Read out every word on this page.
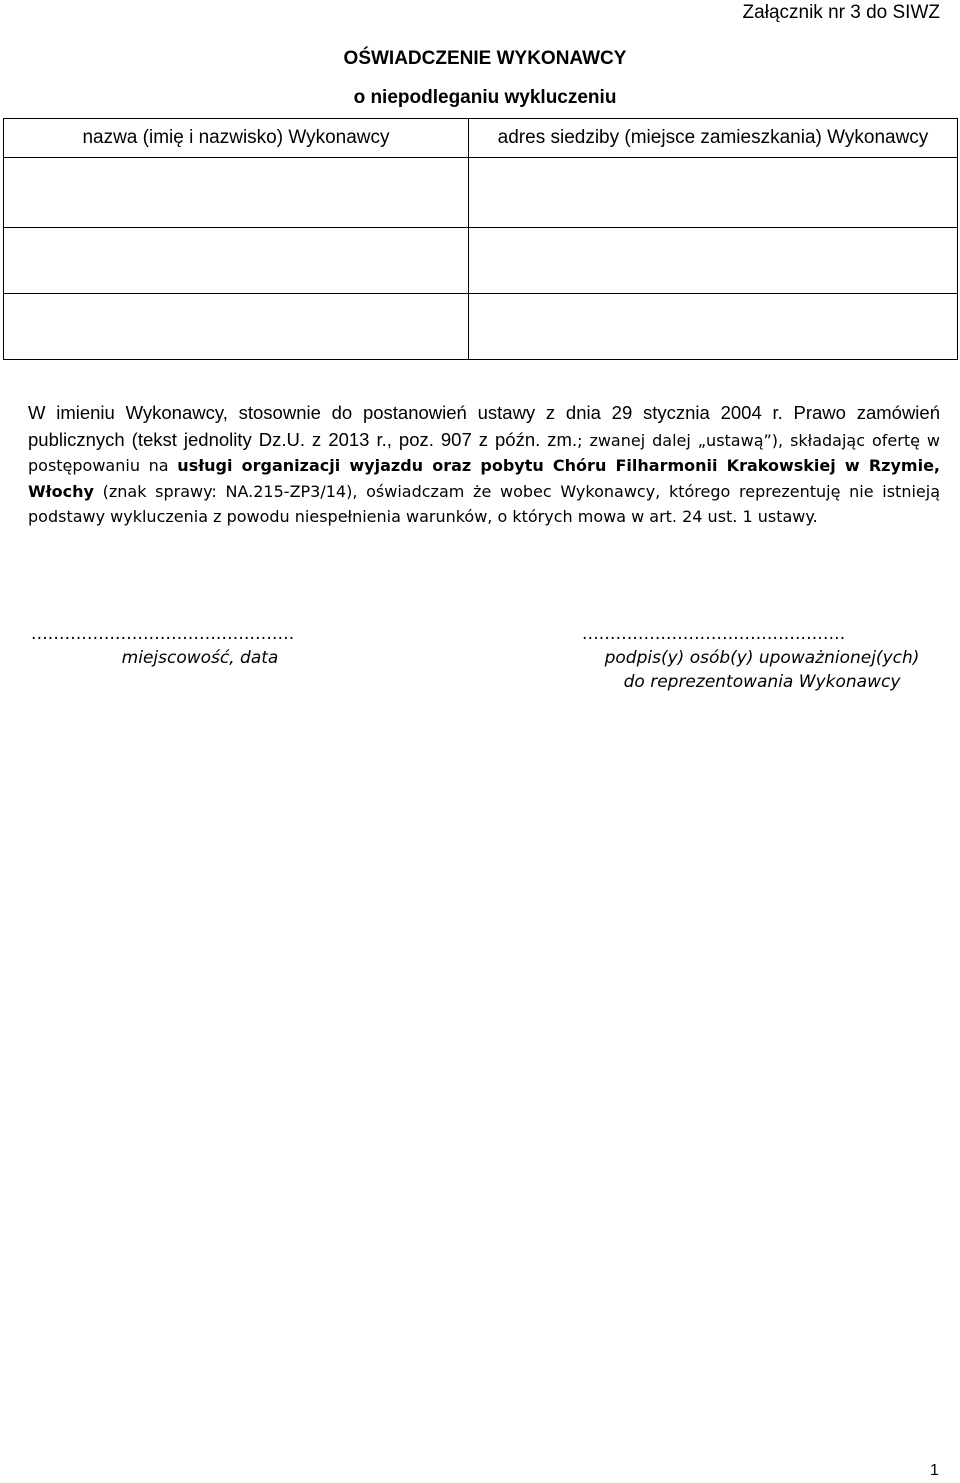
Załącznik nr 3 do SIWZ
OŚWIADCZENIE WYKONAWCY
o niepodleganiu wykluczeniu
nazwa (imię i nazwisko) Wykonawcy	adres siedziby (miejsce zamieszkania) Wykonawcy

W imieniu Wykonawcy, stosownie do postanowień ustawy z dnia 29 stycznia 2004 r. Prawo zamówień publicznych (tekst jednolity Dz.U. z 2013 r., poz. 907 z późn. zm.; zwanej dalej „ustawą”), składając ofertę w postępowaniu na usługi organizacji wyjazdu oraz pobytu Chóru Filharmonii Krakowskiej w Rzymie, Włochy (znak sprawy: NA.215-ZP3/14), oświadczam że wobec Wykonawcy, którego reprezentuję nie istnieją podstawy wykluczenia z powodu niespełnienia warunków, o których mowa w art. 24 ust. 1 ustawy.
...............................................	...............................................
miejscowość, data	podpis(y) osób(y) upoważnionej(ych)
do reprezentowania Wykonawcy
1
